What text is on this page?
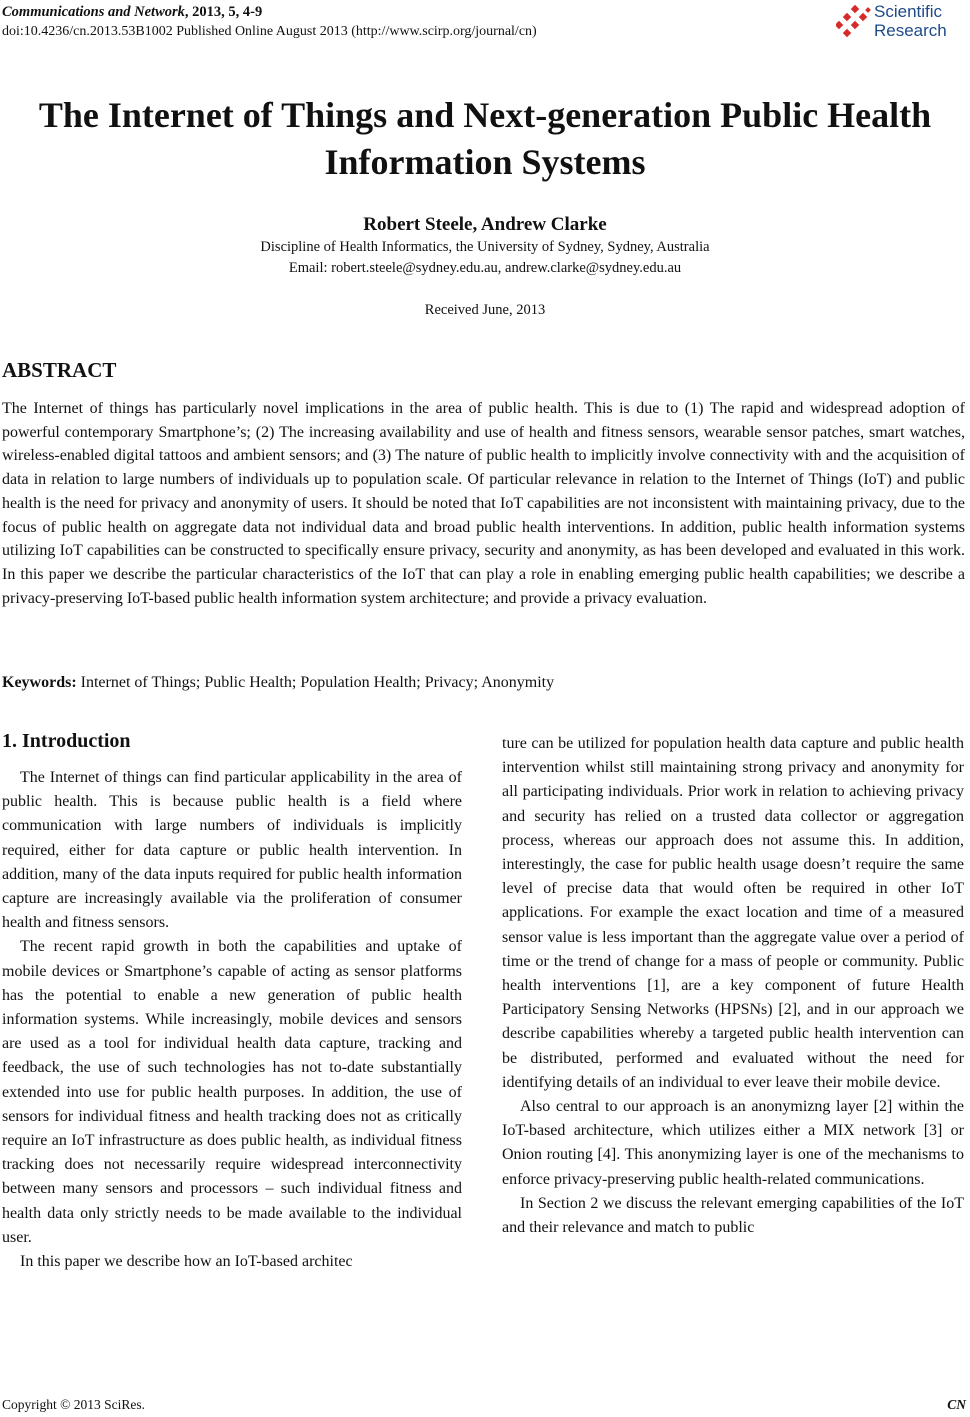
Communications and Network, 2013, 5, 4-9
doi:10.4236/cn.2013.53B1002 Published Online August 2013 (http://www.scirp.org/journal/cn)
Scientific
Research
The Internet of Things and Next-generation Public Health Information Systems
Robert Steele, Andrew Clarke
Discipline of Health Informatics, the University of Sydney, Sydney, Australia
Email: robert.steele@sydney.edu.au, andrew.clarke@sydney.edu.au
Received June, 2013
ABSTRACT
The Internet of things has particularly novel implications in the area of public health. This is due to (1) The rapid and widespread adoption of powerful contemporary Smartphone’s; (2) The increasing availability and use of health and fitness sensors, wearable sensor patches, smart watches, wireless-enabled digital tattoos and ambient sensors; and (3) The nature of public health to implicitly involve connectivity with and the acquisition of data in relation to large numbers of individuals up to population scale. Of particular relevance in relation to the Internet of Things (IoT) and public health is the need for privacy and anonymity of users. It should be noted that IoT capabilities are not inconsistent with maintaining privacy, due to the focus of public health on aggregate data not individual data and broad public health interventions. In addition, public health information systems utilizing IoT capabilities can be constructed to specifically ensure privacy, security and anonymity, as has been developed and evaluated in this work. In this paper we describe the particular characteristics of the IoT that can play a role in enabling emerging public health capabilities; we describe a privacy-preserving IoT-based public health information system architecture; and provide a privacy evaluation.
Keywords: Internet of Things; Public Health; Population Health; Privacy; Anonymity
1. Introduction

The Internet of things can find particular applicability in the area of public health. This is because public health is a field where communication with large numbers of individuals is implicitly required, either for data capture or public health intervention. In addition, many of the data inputs required for public health information capture are increasingly available via the proliferation of consumer health and fitness sensors.

The recent rapid growth in both the capabilities and uptake of mobile devices or Smartphone’s capable of acting as sensor platforms has the potential to enable a new generation of public health information systems. While increasingly, mobile devices and sensors are used as a tool for individual health data capture, tracking and feedback, the use of such technologies has not to-date substantially extended into use for public health purposes. In addition, the use of sensors for individual fitness and health tracking does not as critically require an IoT infrastructure as does public health, as individual fitness tracking does not necessarily require widespread interconnectivity between many sensors and processors – such individual fitness and health data only strictly needs to be made available to the individual user.

In this paper we describe how an IoT-based architec

ture can be utilized for population health data capture and public health intervention whilst still maintaining strong privacy and anonymity for all participating individuals. Prior work in relation to achieving privacy and security has relied on a trusted data collector or aggregation process, whereas our approach does not assume this. In addition, interestingly, the case for public health usage doesn’t require the same level of precise data that would often be required in other IoT applications. For example the exact location and time of a measured sensor value is less important than the aggregate value over a period of time or the trend of change for a mass of people or community. Public health interventions [1], are a key component of future Health Participatory Sensing Networks (HPSNs) [2], and in our approach we describe capabilities whereby a targeted public health intervention can be distributed, performed and evaluated without the need for identifying details of an individual to ever leave their mobile device.

Also central to our approach is an anonymizng layer [2] within the IoT-based architecture, which utilizes either a MIX network [3] or Onion routing [4]. This anonymizing layer is one of the mechanisms to enforce privacy-preserving public health-related communications.

In Section 2 we discuss the relevant emerging capabilities of the IoT and their relevance and match to public

Copyright © 2013 SciRes.	CN
